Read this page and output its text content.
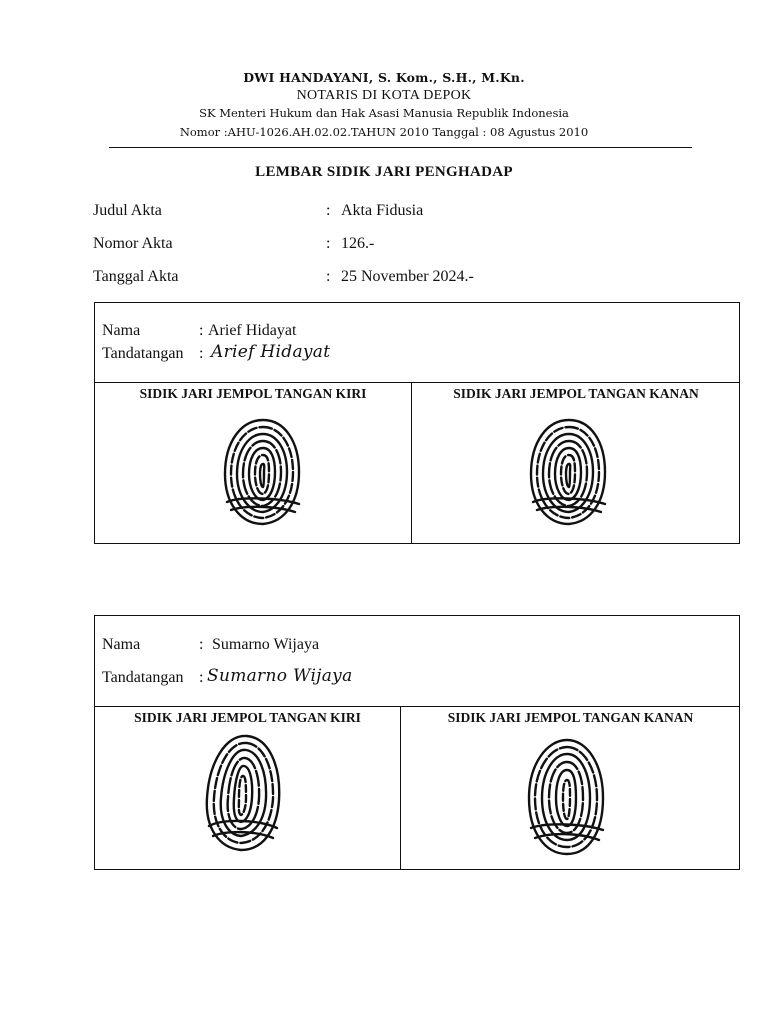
DWI HANDAYANI, S. Kom., S.H., M.Kn.
NOTARIS DI KOTA DEPOK
SK Menteri Hukum dan Hak Asasi Manusia Republik Indonesia
Nomor :AHU-1026.AH.02.02.TAHUN 2010 Tanggal : 08 Agustus 2010
LEMBAR SIDIK JARI PENGHADAP
Judul Akta	: Akta Fidusia
Nomor Akta	: 126.-
Tanggal Akta	: 25 November 2024.-
Nama	: Arief Hidayat
Tandatangan : Arief Hidayat
SIDIK JARI JEMPOL TANGAN KIRI	SIDIK JARI JEMPOL TANGAN KANAN
Nama	: Sumarno Wijaya
Tandatangan : Sumarno Wijaya
SIDIK JARI JEMPOL TANGAN KIRI	SIDIK JARI JEMPOL TANGAN KANAN
